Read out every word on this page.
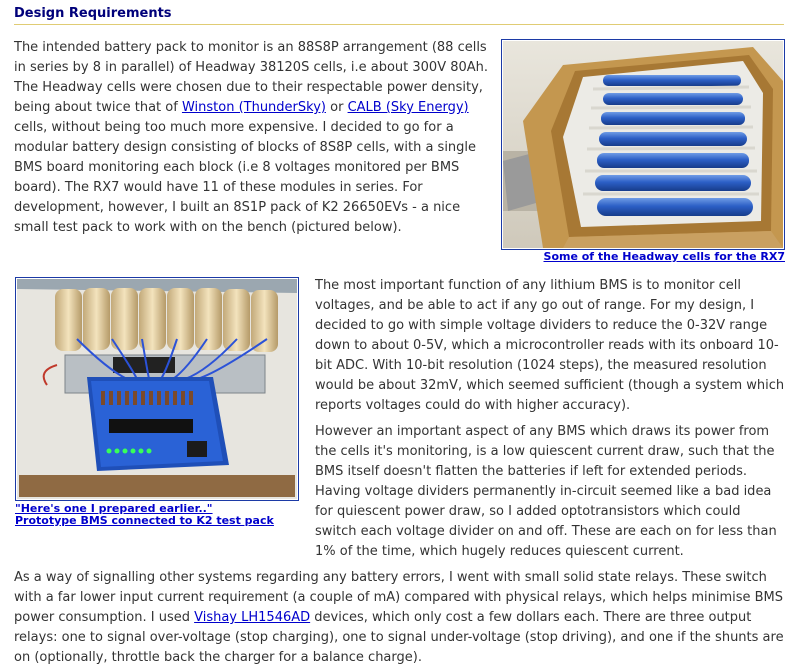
Design Requirements

The intended battery pack to monitor is an 88S8P arrangement (88 cells in series by 8 in parallel) of Headway 38120S cells, i.e about 300V 80Ah. The Headway cells were chosen due to their respectable power density, being about twice that of Winston (ThunderSky) or CALB (Sky Energy) cells, without being too much more expensive. I decided to go for a modular battery design consisting of blocks of 8S8P cells, with a single BMS board monitoring each block (i.e 8 voltages monitored per BMS board). The RX7 would have 11 of these modules in series. For development, however, I built an 8S1P pack of K2 26650EVs - a nice small test pack to work with on the bench (pictured below).

Some of the Headway cells for the RX7
"Here's one I prepared earlier.."
Prototype BMS connected to K2 test pack

The most important function of any lithium BMS is to monitor cell voltages, and be able to act if any go out of range. For my design, I decided to go with simple voltage dividers to reduce the 0-32V range down to about 0-5V, which a microcontroller reads with its onboard 10-bit ADC. With 10-bit resolution (1024 steps), the measured resolution would be about 32mV, which seemed sufficient (though a system which reports voltages could do with higher accuracy).

However an important aspect of any BMS which draws its power from the cells it's monitoring, is a low quiescent current draw, such that the BMS itself doesn't flatten the batteries if left for extended periods. Having voltage dividers permanently in-circuit seemed like a bad idea for quiescent power draw, so I added optotransistors which could switch each voltage divider on and off. These are each on for less than 1% of the time, which hugely reduces quiescent current.

As a way of signalling other systems regarding any battery errors, I went with small solid state relays. These switch with a far lower input current requirement (a couple of mA) compared with physical relays, which helps minimise BMS power consumption. I used Vishay LH1546AD devices, which only cost a few dollars each. There are three output relays: one to signal over-voltage (stop charging), one to signal under-voltage (stop driving), and one if the shunts are on (optionally, throttle back the charger for a balance charge).
